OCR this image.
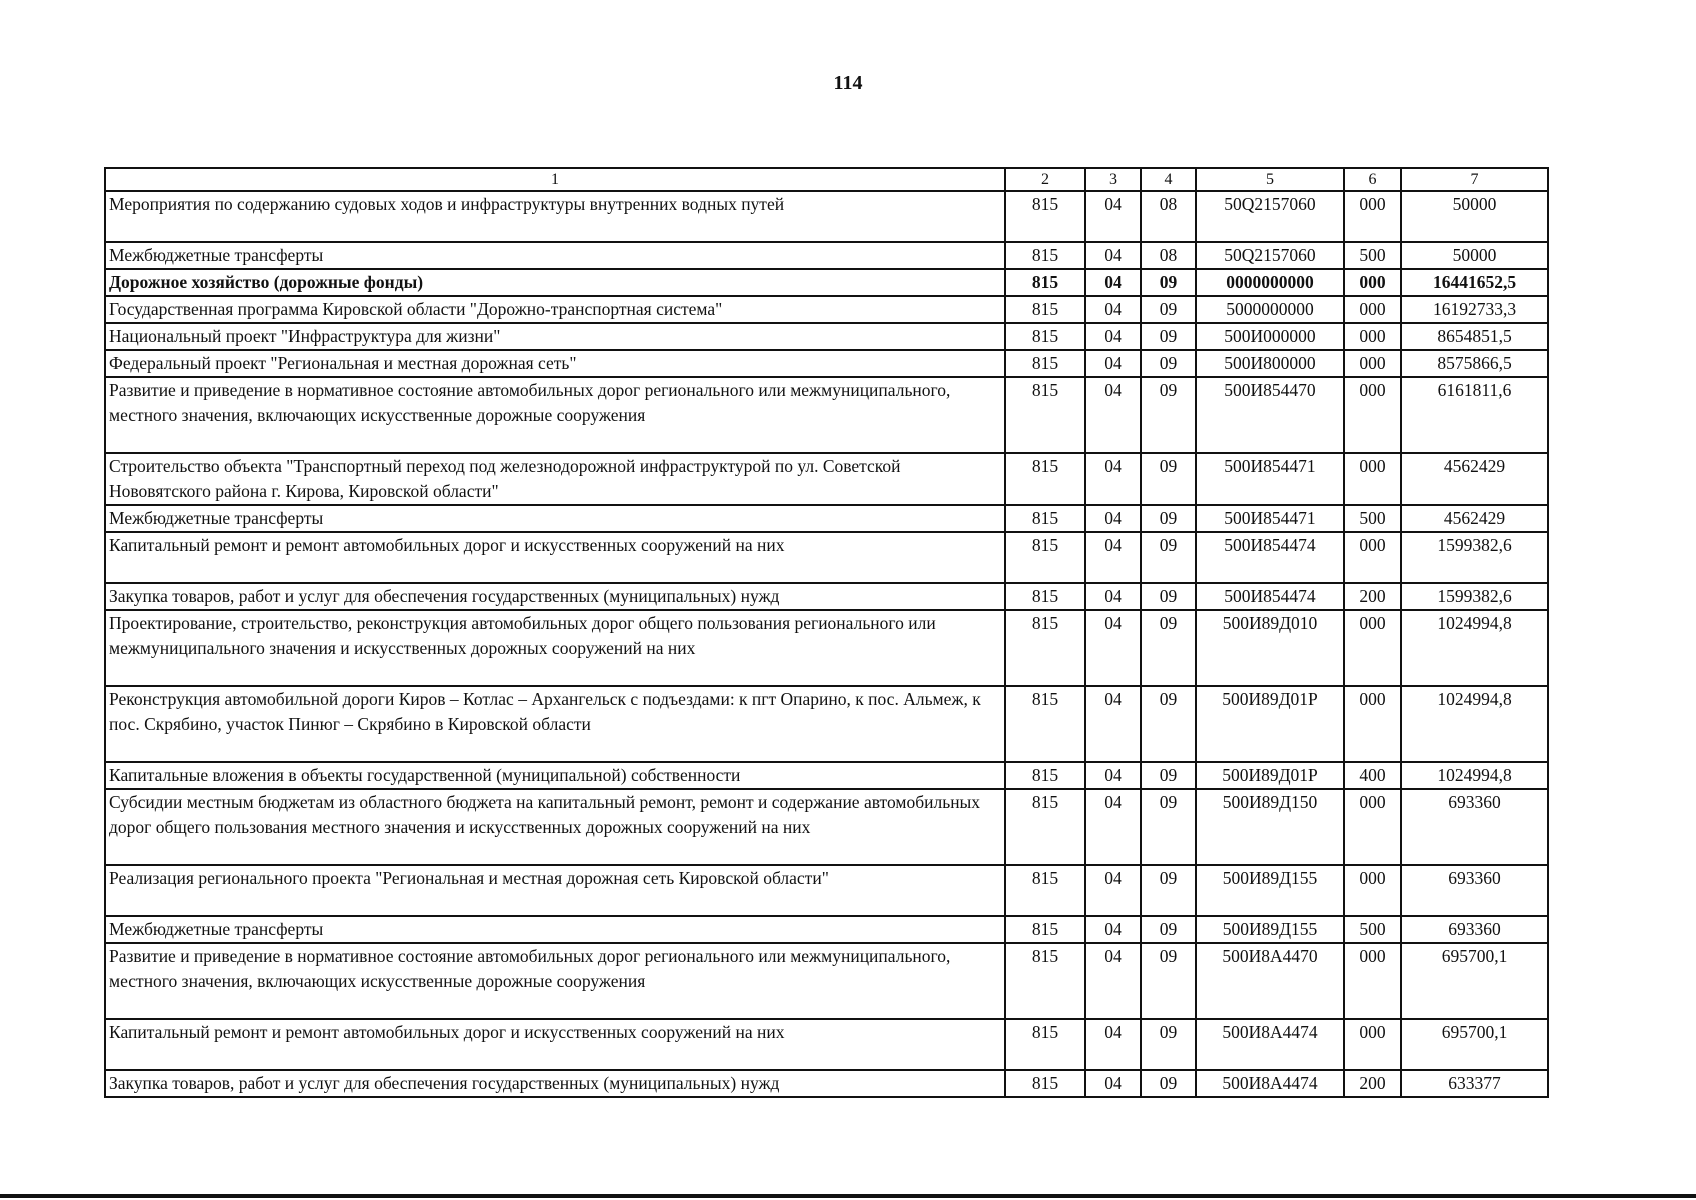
114
1	2	3	4	5	6	7
Мероприятия по содержанию судовых ходов и инфраструктуры внутренних водных путей	815	04	08	50Q2157060	000	50000
Межбюджетные трансферты	815	04	08	50Q2157060	500	50000
Дорожное хозяйство (дорожные фонды)	815	04	09	0000000000	000	16441652,5
Государственная программа Кировской области "Дорожно-транспортная система"	815	04	09	5000000000	000	16192733,3
Национальный проект "Инфраструктура для жизни"	815	04	09	500И000000	000	8654851,5
Федеральный проект "Региональная и местная дорожная сеть"	815	04	09	500И800000	000	8575866,5
Развитие и приведение в нормативное состояние автомобильных дорог регионального или межмуниципального, местного значения, включающих искусственные дорожные сооружения	815	04	09	500И854470	000	6161811,6
Строительство объекта "Транспортный переход под железнодорожной инфраструктурой по ул. Советской Нововятского района г. Кирова, Кировской области"	815	04	09	500И854471	000	4562429
Межбюджетные трансферты	815	04	09	500И854471	500	4562429
Капитальный ремонт и ремонт автомобильных дорог и искусственных сооружений на них	815	04	09	500И854474	000	1599382,6
Закупка товаров, работ и услуг для обеспечения государственных (муниципальных) нужд	815	04	09	500И854474	200	1599382,6
Проектирование, строительство, реконструкция автомобильных дорог общего пользования регионального или межмуниципального значения и искусственных дорожных сооружений на них	815	04	09	500И89Д010	000	1024994,8
Реконструкция автомобильной дороги Киров – Котлас – Архангельск с подъездами: к пгт Опарино, к пос. Альмеж, к пос. Скрябино, участок Пинюг – Скрябино в Кировской области	815	04	09	500И89Д01Р	000	1024994,8
Капитальные вложения в объекты государственной (муниципальной) собственности	815	04	09	500И89Д01Р	400	1024994,8
Субсидии местным бюджетам из областного бюджета на капитальный ремонт, ремонт и содержание автомобильных дорог общего пользования местного значения и искусственных дорожных сооружений на них	815	04	09	500И89Д150	000	693360
Реализация регионального проекта "Региональная и местная дорожная сеть Кировской области"	815	04	09	500И89Д155	000	693360
Межбюджетные трансферты	815	04	09	500И89Д155	500	693360
Развитие и приведение в нормативное состояние автомобильных дорог регионального или межмуниципального, местного значения, включающих искусственные дорожные сооружения	815	04	09	500И8А4470	000	695700,1
Капитальный ремонт и ремонт автомобильных дорог и искусственных сооружений на них	815	04	09	500И8А4474	000	695700,1
Закупка товаров, работ и услуг для обеспечения государственных (муниципальных) нужд	815	04	09	500И8А4474	200	633377
